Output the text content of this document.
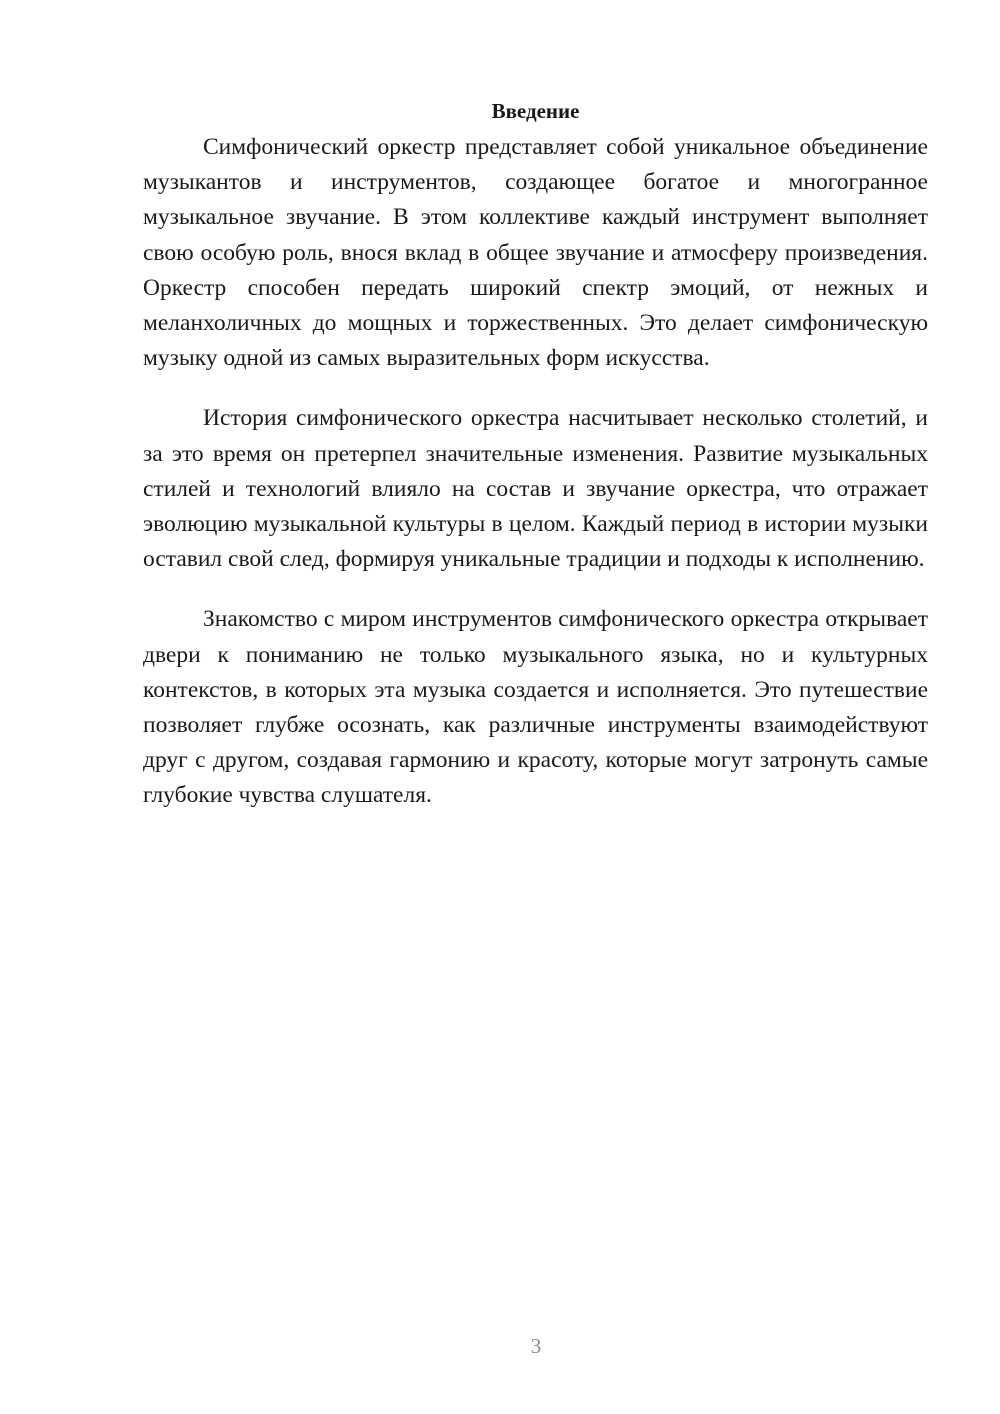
Введение

Симфонический оркестр представляет собой уникальное объединение музыкантов и инструментов, создающее богатое и многогранное музыкальное звучание. В этом коллективе каждый инструмент выполняет свою особую роль, внося вклад в общее звучание и атмосферу произведения. Оркестр способен передать широкий спектр эмоций, от нежных и меланхоличных до мощных и торжественных. Это делает симфоническую музыку одной из самых выразительных форм искусства.

История симфонического оркестра насчитывает несколько столетий, и за это время он претерпел значительные изменения. Развитие музыкальных стилей и технологий влияло на состав и звучание оркестра, что отражает эволюцию музыкальной культуры в целом. Каждый период в истории музыки оставил свой след, формируя уникальные традиции и подходы к исполнению.

Знакомство с миром инструментов симфонического оркестра открывает двери к пониманию не только музыкального языка, но и культурных контекстов, в которых эта музыка создается и исполняется. Это путешествие позволяет глубже осознать, как различные инструменты взаимодействуют друг с другом, создавая гармонию и красоту, которые могут затронуть самые глубокие чувства слушателя.

3
